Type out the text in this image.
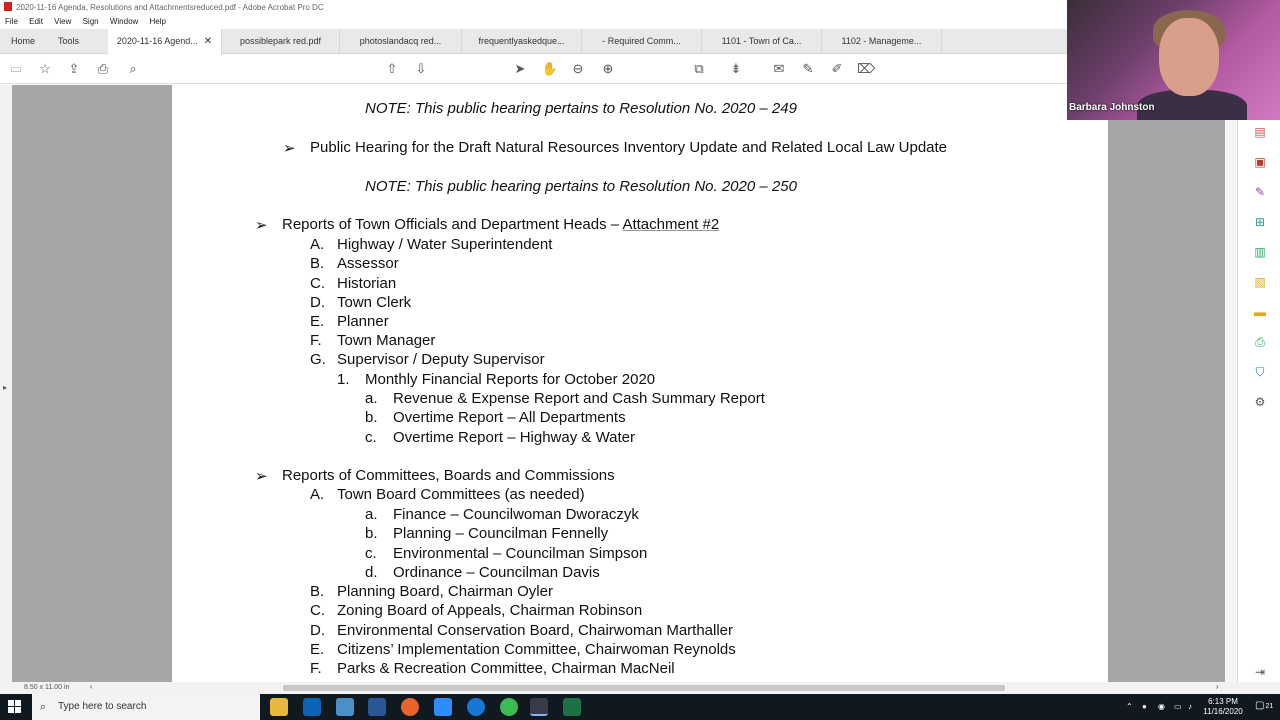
2020-11-16 Agenda, Resolutions and Attachmentsreduced.pdf - Adobe Acrobat Pro DC
File Edit View Sign Window Help
Home	Tools	2020-11-16 Agend... ✕	possiblepark red.pdf	photoslandacq red...	frequentlyaskedque...	- Required Comm...	1101 - Town of Ca...	1102 - Manageme...
▭ ☆ ⇪ ⎙	⌕	⇧ ⇩	➤ ✋ ⊖ ⊕	⧉	⇟ ✉ ✎ ✐ ⌦
▸
NOTE: This public hearing pertains to Resolution No. 2020 – 249
➢ Public Hearing for the Draft Natural Resources Inventory Update and Related Local Law Update
NOTE: This public hearing pertains to Resolution No. 2020 – 250
➢ Reports of Town Officials and Department Heads – Attachment #2
A. Highway / Water Superintendent
B. Assessor
C. Historian
D. Town Clerk
E. Planner
F. Town Manager
G. Supervisor / Deputy Supervisor
1. Monthly Financial Reports for October 2020
a. Revenue & Expense Report and Cash Summary Report
b. Overtime Report – All Departments
c. Overtime Report – Highway & Water
➢ Reports of Committees, Boards and Commissions
A. Town Board Committees (as needed)
a. Finance – Councilwoman Dworaczyk
b. Planning – Councilman Fennelly
c. Environmental – Councilman Simpson
d. Ordinance – Councilman Davis
B. Planning Board, Chairman Oyler
C. Zoning Board of Appeals, Chairman Robinson
D. Environmental Conservation Board, Chairwoman Marthaller
E. Citizens’ Implementation Committee, Chairwoman Reynolds
F. Parks & Recreation Committee, Chairman MacNeil
▤
▣
✎
⊞
▥
▧
▬
⎙
⛉
⚙
⇥
8.50 x 11.00 in	‹	›
Barbara Johnston
⌕ Type here to search	⌃ ● ◉ ▭ ♪
6:13 PM
11/16/2020
▢21
